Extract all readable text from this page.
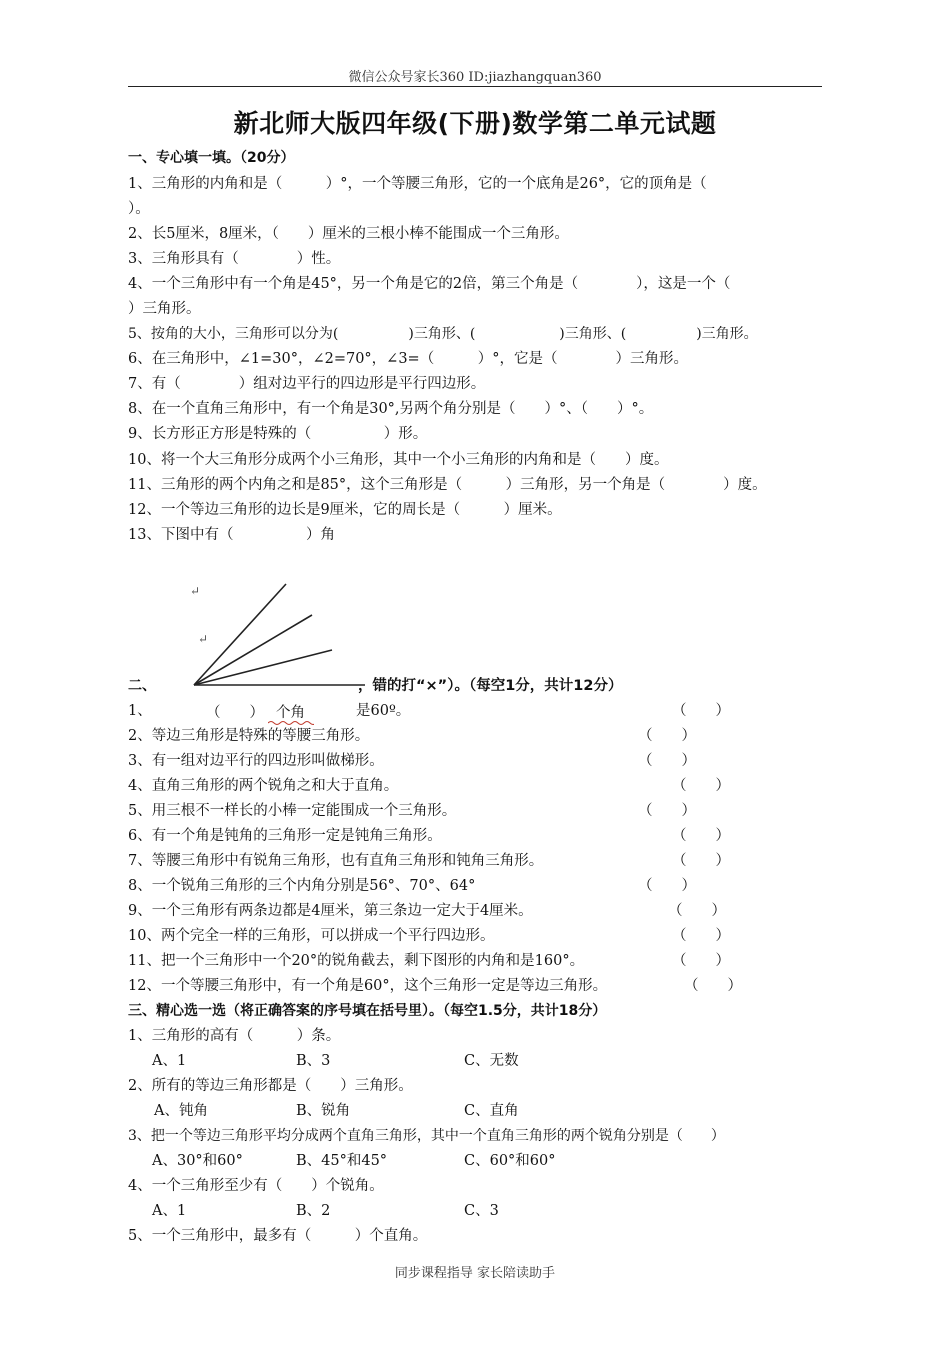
微信公众号家长360 ID:jiazhangquan360
新北师大版四年级(下册)数学第二单元试题
一、专心填一填。（20分）
1、三角形的内角和是（　　　）°，一个等腰三角形，它的一个底角是26°，它的顶角是（
）。
2、长5厘米，8厘米，（　　）厘米的三根小棒不能围成一个三角形。
3、三角形具有（　　　　）性。
4、一个三角形中有一个角是45°，另一个角是它的2倍，第三个角是（　　　　），这是一个（
）三角形。
5、按角的大小，三角形可以分为(　　　　　)三角形、(　　　　　　)三角形、(　　　　　)三角形。
6、在三角形中，∠1=30°，∠2=70°，∠3=（　　　）°，它是（　　　　）三角形。
7、有（　　　　）组对边平行的四边形是平行四边形。
8、在一个直角三角形中，有一个角是30°,另两个角分别是（　　）°、（　　）°。
9、长方形正方形是特殊的（　　　　　）形。
10、将一个大三角形分成两个小三角形，其中一个小三角形的内角和是（　　）度。
11、三角形的两个内角之和是85°，这个三角形是（　　　）三角形，另一个角是（　　　　）度。
12、一个等边三角形的边长是9厘米，它的周长是（　　　）厘米。
13、下图中有（　　　　　）角
↵
↵
二、	，错的打“×”）。（每空1分，共计12分）
1、	（　　） 个角	是60º。	（　　）
2、等边三角形是特殊的等腰三角形。	（　　）
3、有一组对边平行的四边形叫做梯形。	（　　）
4、直角三角形的两个锐角之和大于直角。	（　　）
5、用三根不一样长的小棒一定能围成一个三角形。	（　　）
6、有一个角是钝角的三角形一定是钝角三角形。	（　　）
7、等腰三角形中有锐角三角形，也有直角三角形和钝角三角形。	（　　）
8、一个锐角三角形的三个内角分别是56°、70°、64°	（　　）
9、一个三角形有两条边都是4厘米，第三条边一定大于4厘米。	（　　）
10、两个完全一样的三角形，可以拼成一个平行四边形。	（　　）
11、把一个三角形中一个20°的锐角截去，剩下图形的内角和是160°。	（　　）
12、一个等腰三角形中，有一个角是60°，这个三角形一定是等边三角形。	（　　）
三、精心选一选（将正确答案的序号填在括号里）。（每空1.5分，共计18分）
1、三角形的高有（　　　）条。
A、1	B、3	C、无数
2、所有的等边三角形都是（　　）三角形。
A、钝角	B、锐角	C、直角
3、把一个等边三角形平均分成两个直角三角形，其中一个直角三角形的两个锐角分别是（　　）
A、30°和60°	B、45°和45°	C、60°和60°
4、一个三角形至少有（　　）个锐角。
A、1	B、2	C、3
5、一个三角形中，最多有（　　　）个直角。
同步课程指导 家长陪读助手
